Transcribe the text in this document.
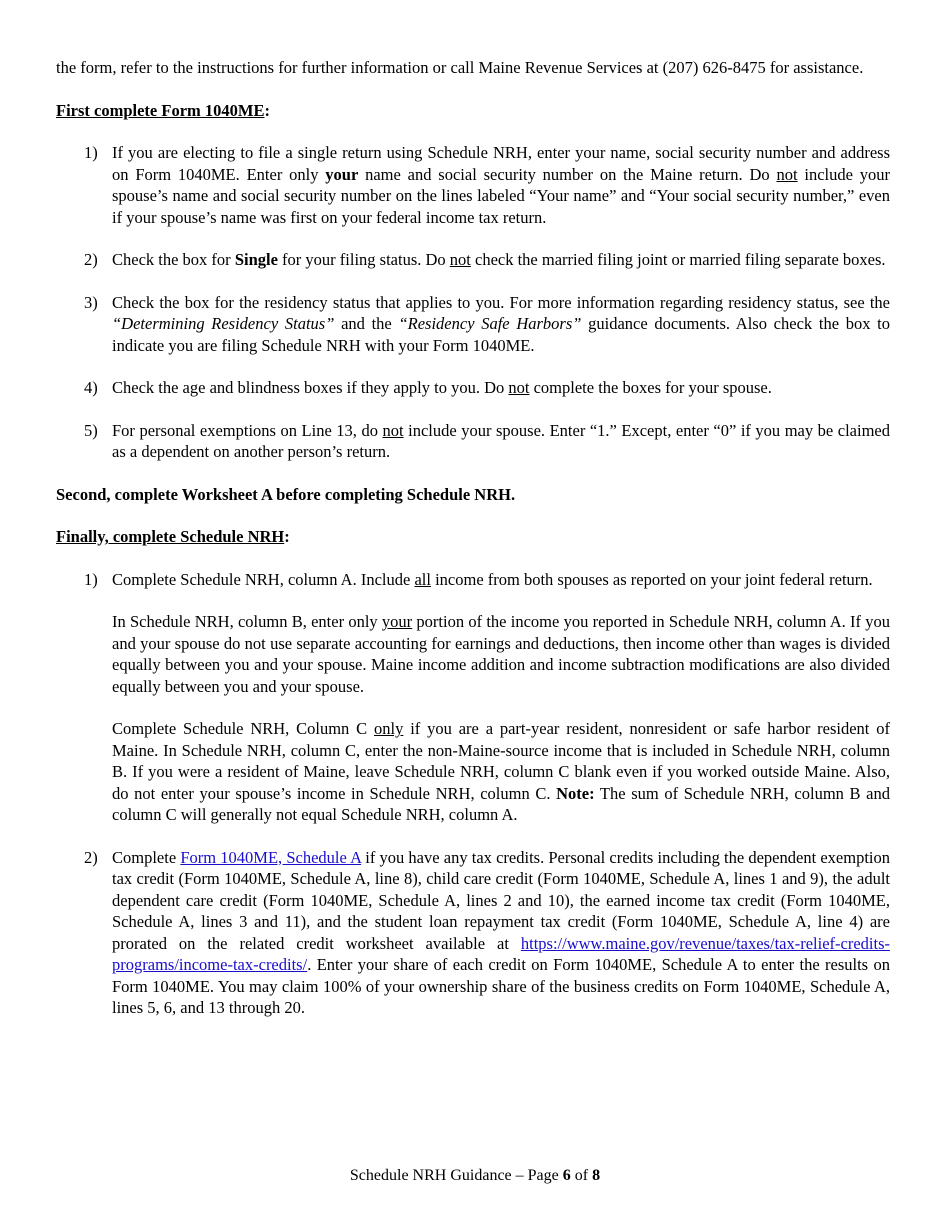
the form, refer to the instructions for further information or call Maine Revenue Services at (207) 626-8475 for assistance.

First complete Form 1040ME:

1) If you are electing to file a single return using Schedule NRH, enter your name, social security number and address on Form 1040ME. Enter only your name and social security number on the Maine return. Do not include your spouse’s name and social security number on the lines labeled “Your name” and “Your social security number,” even if your spouse’s name was first on your federal income tax return.

2) Check the box for Single for your filing status. Do not check the married filing joint or married filing separate boxes.

3) Check the box for the residency status that applies to you. For more information regarding residency status, see the “Determining Residency Status” and the “Residency Safe Harbors” guidance documents. Also check the box to indicate you are filing Schedule NRH with your Form 1040ME.

4) Check the age and blindness boxes if they apply to you. Do not complete the boxes for your spouse.

5) For personal exemptions on Line 13, do not include your spouse. Enter “1.” Except, enter “0” if you may be claimed as a dependent on another person’s return.

Second, complete Worksheet A before completing Schedule NRH.

Finally, complete Schedule NRH:

1) Complete Schedule NRH, column A. Include all income from both spouses as reported on your joint federal return.

In Schedule NRH, column B, enter only your portion of the income you reported in Schedule NRH, column A. If you and your spouse do not use separate accounting for earnings and deductions, then income other than wages is divided equally between you and your spouse. Maine income addition and income subtraction modifications are also divided equally between you and your spouse.

Complete Schedule NRH, Column C only if you are a part-year resident, nonresident or safe harbor resident of Maine. In Schedule NRH, column C, enter the non-Maine-source income that is included in Schedule NRH, column B. If you were a resident of Maine, leave Schedule NRH, column C blank even if you worked outside Maine. Also, do not enter your spouse’s income in Schedule NRH, column C. Note: The sum of Schedule NRH, column B and column C will generally not equal Schedule NRH, column A.

2) Complete Form 1040ME, Schedule A if you have any tax credits. Personal credits including the dependent exemption tax credit (Form 1040ME, Schedule A, line 8), child care credit (Form 1040ME, Schedule A, lines 1 and 9), the adult dependent care credit (Form 1040ME, Schedule A, lines 2 and 10), the earned income tax credit (Form 1040ME, Schedule A, lines 3 and 11), and the student loan repayment tax credit (Form 1040ME, Schedule A, line 4) are prorated on the related credit worksheet available at https://www.maine.gov/revenue/taxes/tax-relief-credits-programs/income-tax-credits/. Enter your share of each credit on Form 1040ME, Schedule A to enter the results on Form 1040ME. You may claim 100% of your ownership share of the business credits on Form 1040ME, Schedule A, lines 5, 6, and 13 through 20.

Schedule NRH Guidance – Page 6 of 8
